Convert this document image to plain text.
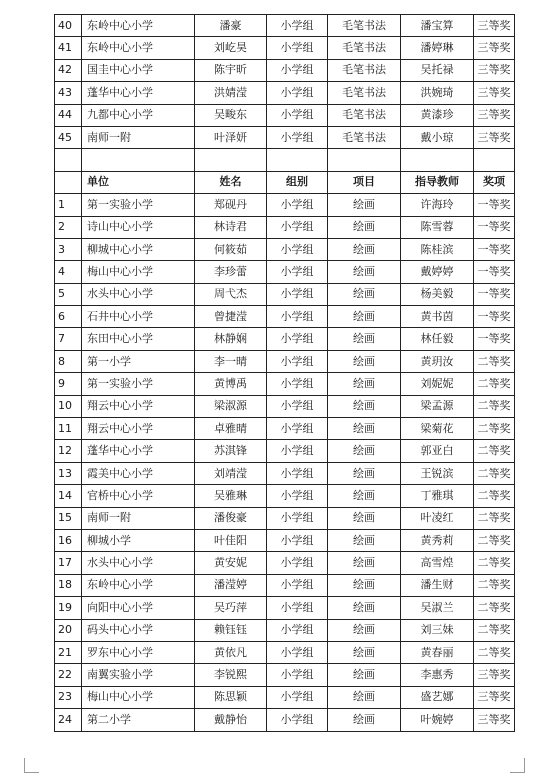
40	东岭中心小学	潘豪	小学组	毛笔书法	潘宝算	三等奖
41	东岭中心小学	刘屹昊	小学组	毛笔书法	潘婷琳	三等奖
42	国圭中心小学	陈宇昕	小学组	毛笔书法	吴托禄	三等奖
43	蓬华中心小学	洪婧滢	小学组	毛笔书法	洪婉琦	三等奖
44	九都中心小学	吴畯东	小学组	毛笔书法	黄漆珍	三等奖
45	南师一附	叶泽妍	小学组	毛笔书法	戴小琼	三等奖

	单位	姓名	组别	项目	指导教师	奖项
1	第一实验小学	郑砚丹	小学组	绘画	许海玲	一等奖
2	诗山中心小学	林诗君	小学组	绘画	陈雪蓉	一等奖
3	柳城中心小学	何筱茹	小学组	绘画	陈桂滨	一等奖
4	梅山中心小学	李珍蕾	小学组	绘画	戴婷婷	一等奖
5	水头中心小学	周弋杰	小学组	绘画	杨美毅	一等奖
6	石井中心小学	曾捷滢	小学组	绘画	黄书茵	一等奖
7	东田中心小学	林静娴	小学组	绘画	林任毅	一等奖
8	第一小学	李一晴	小学组	绘画	黄玥汝	二等奖
9	第一实验小学	黄博禹	小学组	绘画	刘妮妮	二等奖
10	翔云中心小学	梁淑源	小学组	绘画	梁孟源	二等奖
11	翔云中心小学	卓雅晴	小学组	绘画	梁菊花	二等奖
12	蓬华中心小学	苏淇锋	小学组	绘画	郭亚白	二等奖
13	霞美中心小学	刘靖滢	小学组	绘画	王锐滨	二等奖
14	官桥中心小学	吴雅琳	小学组	绘画	丁雅琪	二等奖
15	南师一附	潘俊豪	小学组	绘画	叶凌红	二等奖
16	柳城小学	叶佳阳	小学组	绘画	黄秀莉	二等奖
17	水头中心小学	黄安妮	小学组	绘画	高雪煌	二等奖
18	东岭中心小学	潘滢婷	小学组	绘画	潘生财	二等奖
19	向阳中心小学	吴巧萍	小学组	绘画	吴淑兰	二等奖
20	码头中心小学	赖钰钰	小学组	绘画	刘三妹	二等奖
21	罗东中心小学	黄依凡	小学组	绘画	黄春丽	二等奖
22	南翼实验小学	李锐熙	小学组	绘画	李惠秀	三等奖
23	梅山中心小学	陈思颖	小学组	绘画	盛艺娜	三等奖
24	第二小学	戴静怡	小学组	绘画	叶婉婷	三等奖
